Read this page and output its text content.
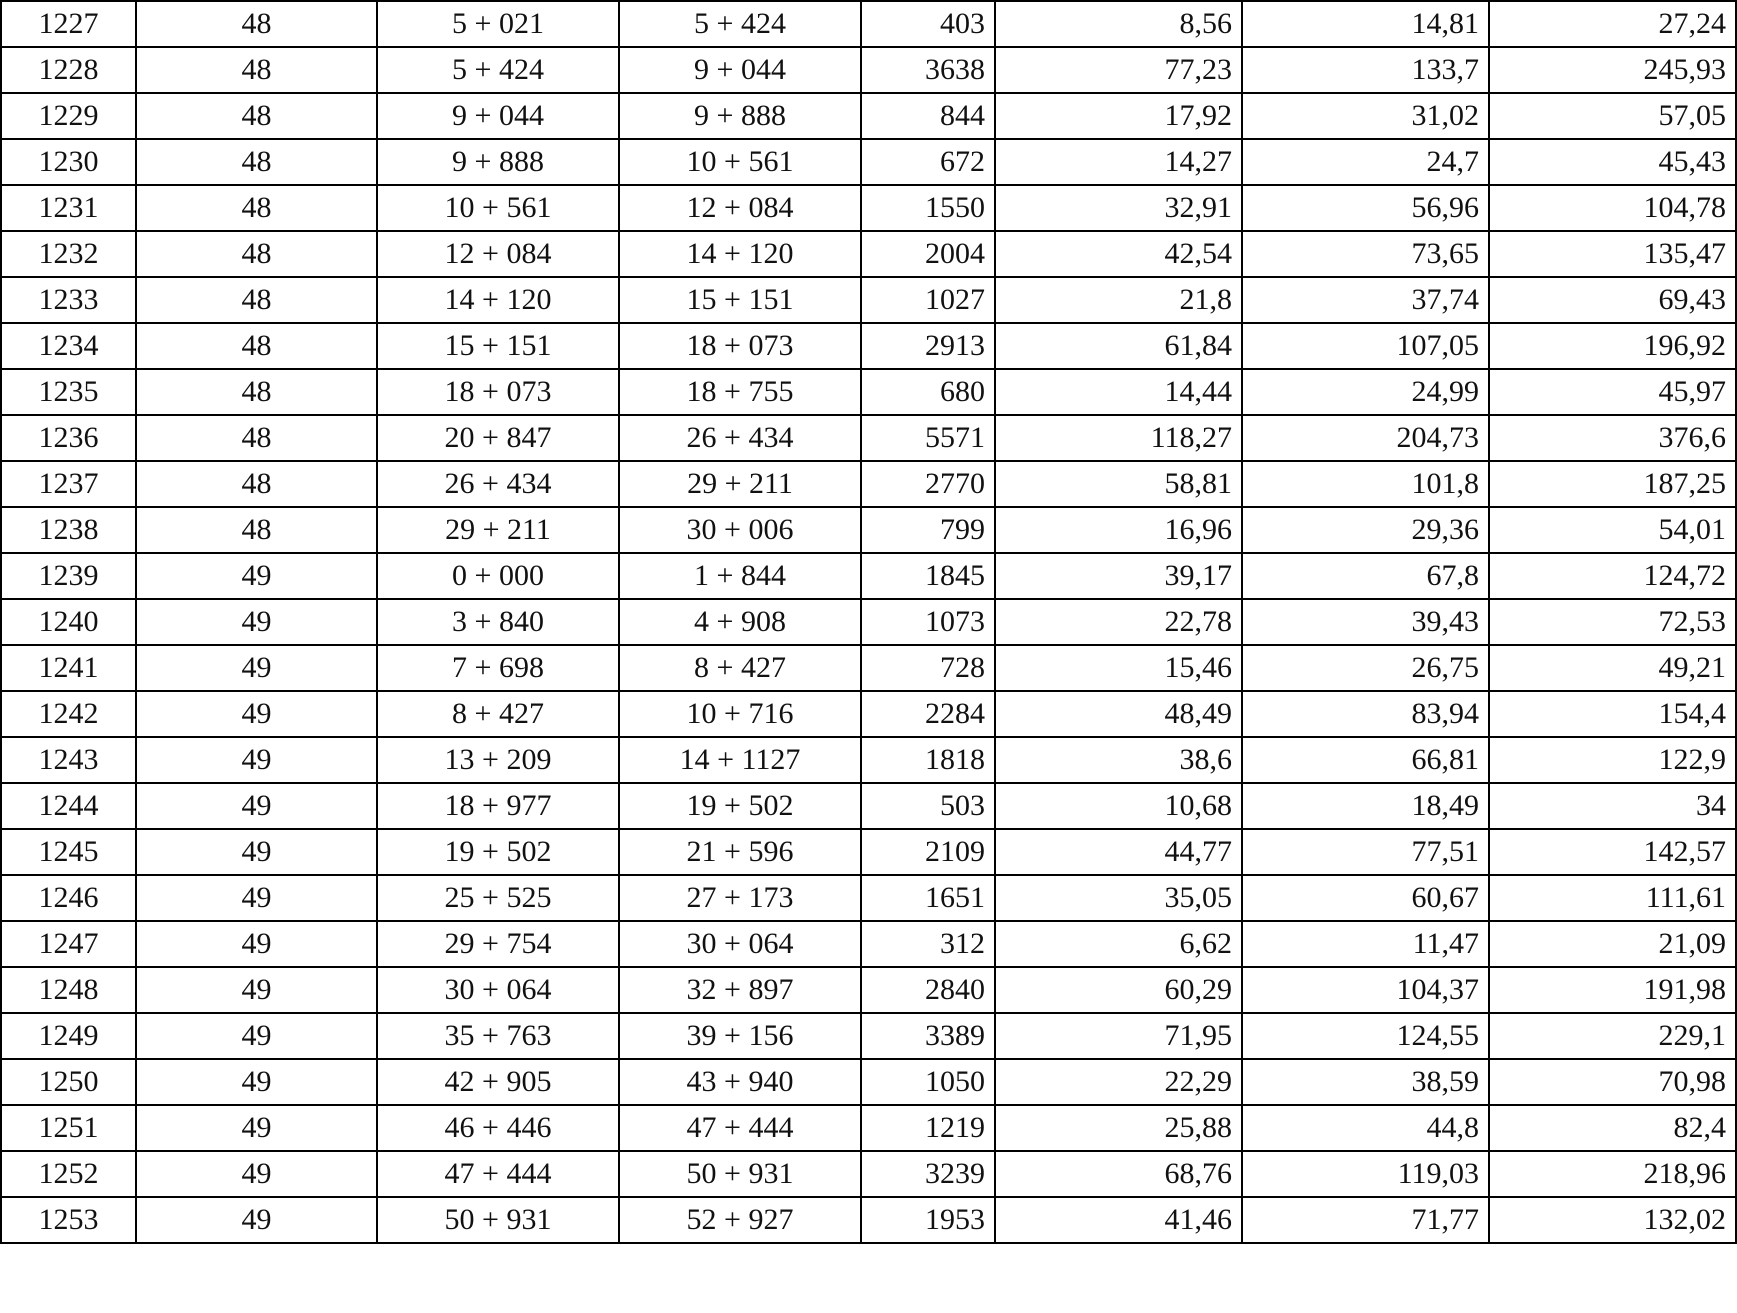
1227	48	5 + 021	5 + 424	403	8,56	14,81	27,24
1228	48	5 + 424	9 + 044	3638	77,23	133,7	245,93
1229	48	9 + 044	9 + 888	844	17,92	31,02	57,05
1230	48	9 + 888	10 + 561	672	14,27	24,7	45,43
1231	48	10 + 561	12 + 084	1550	32,91	56,96	104,78
1232	48	12 + 084	14 + 120	2004	42,54	73,65	135,47
1233	48	14 + 120	15 + 151	1027	21,8	37,74	69,43
1234	48	15 + 151	18 + 073	2913	61,84	107,05	196,92
1235	48	18 + 073	18 + 755	680	14,44	24,99	45,97
1236	48	20 + 847	26 + 434	5571	118,27	204,73	376,6
1237	48	26 + 434	29 + 211	2770	58,81	101,8	187,25
1238	48	29 + 211	30 + 006	799	16,96	29,36	54,01
1239	49	0 + 000	1 + 844	1845	39,17	67,8	124,72
1240	49	3 + 840	4 + 908	1073	22,78	39,43	72,53
1241	49	7 + 698	8 + 427	728	15,46	26,75	49,21
1242	49	8 + 427	10 + 716	2284	48,49	83,94	154,4
1243	49	13 + 209	14 + 1127	1818	38,6	66,81	122,9
1244	49	18 + 977	19 + 502	503	10,68	18,49	34
1245	49	19 + 502	21 + 596	2109	44,77	77,51	142,57
1246	49	25 + 525	27 + 173	1651	35,05	60,67	111,61
1247	49	29 + 754	30 + 064	312	6,62	11,47	21,09
1248	49	30 + 064	32 + 897	2840	60,29	104,37	191,98
1249	49	35 + 763	39 + 156	3389	71,95	124,55	229,1
1250	49	42 + 905	43 + 940	1050	22,29	38,59	70,98
1251	49	46 + 446	47 + 444	1219	25,88	44,8	82,4
1252	49	47 + 444	50 + 931	3239	68,76	119,03	218,96
1253	49	50 + 931	52 + 927	1953	41,46	71,77	132,02
